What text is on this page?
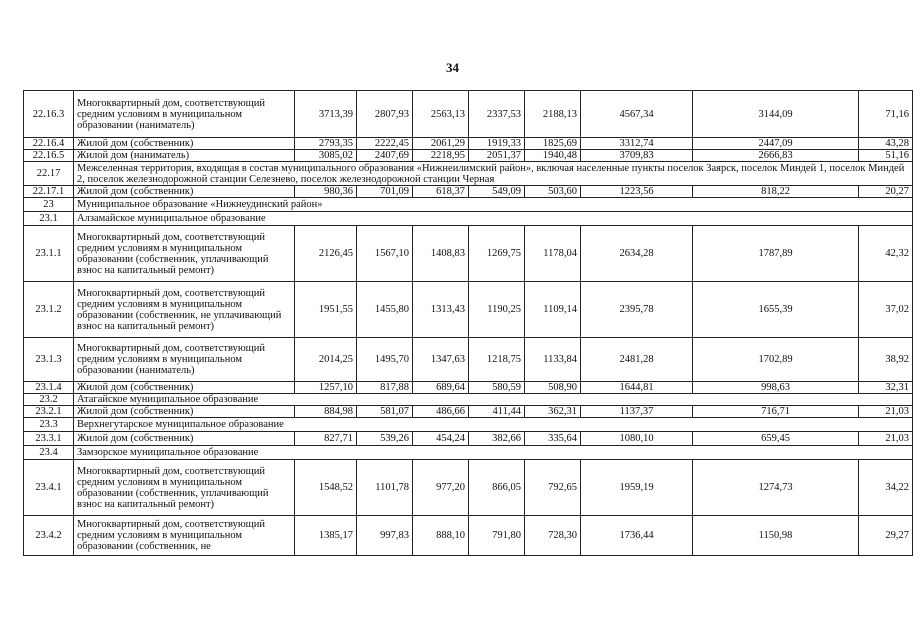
34
22.16.3	Многоквартирный дом, соответствующий средним условиям в муниципальном образовании (наниматель)	3713,39	2807,93	2563,13	2337,53	2188,13	4567,34	3144,09	71,16
22.16.4	Жилой дом (собственник)	2793,35	2222,45	2061,29	1919,33	1825,69	3312,74	2447,09	43,28
22.16.5	Жилой дом (наниматель)	3085,02	2407,69	2218,95	2051,37	1940,48	3709,83	2666,83	51,16
22.17	Межселенная территория, входящая в состав муниципального образования «Нижнеилимский район», включая населенные пункты поселок Заярск, поселок Миндей 1, поселок Миндей 2, поселок железнодорожной станции Селезнево, поселок железнодорожной станции Черная								
22.17.1	Жилой дом (собственник)	980,36	701,09	618,37	549,09	503,60	1223,56	818,22	20,27
23	Муниципальное образование «Нижнеудинский район»								
23.1	Алзамайское муниципальное образование								
23.1.1	Многоквартирный дом, соответствующий средним условиям в муниципальном образовании (собственник, уплачивающий взнос на капитальный ремонт)	2126,45	1567,10	1408,83	1269,75	1178,04	2634,28	1787,89	42,32
23.1.2	Многоквартирный дом, соответствующий средним условиям в муниципальном образовании (собственник, не уплачивающий взнос на капитальный ремонт)	1951,55	1455,80	1313,43	1190,25	1109,14	2395,78	1655,39	37,02
23.1.3	Многоквартирный дом, соответствующий средним условиям в муниципальном образовании (наниматель)	2014,25	1495,70	1347,63	1218,75	1133,84	2481,28	1702,89	38,92
23.1.4	Жилой дом (собственник)	1257,10	817,88	689,64	580,59	508,90	1644,81	998,63	32,31
23.2	Атагайское муниципальное образование								
23.2.1	Жилой дом (собственник)	884,98	581,07	486,66	411,44	362,31	1137,37	716,71	21,03
23.3	Верхнегутарское муниципальное образование								
23.3.1	Жилой дом (собственник)	827,71	539,26	454,24	382,66	335,64	1080,10	659,45	21,03
23.4	Замзорское муниципальное образование								
23.4.1	Многоквартирный дом, соответствующий средним условиям в муниципальном образовании (собственник, уплачивающий взнос на капитальный ремонт)	1548,52	1101,78	977,20	866,05	792,65	1959,19	1274,73	34,22
23.4.2	Многоквартирный дом, соответствующий средним условиям в муниципальном образовании (собственник, не	1385,17	997,83	888,10	791,80	728,30	1736,44	1150,98	29,27
